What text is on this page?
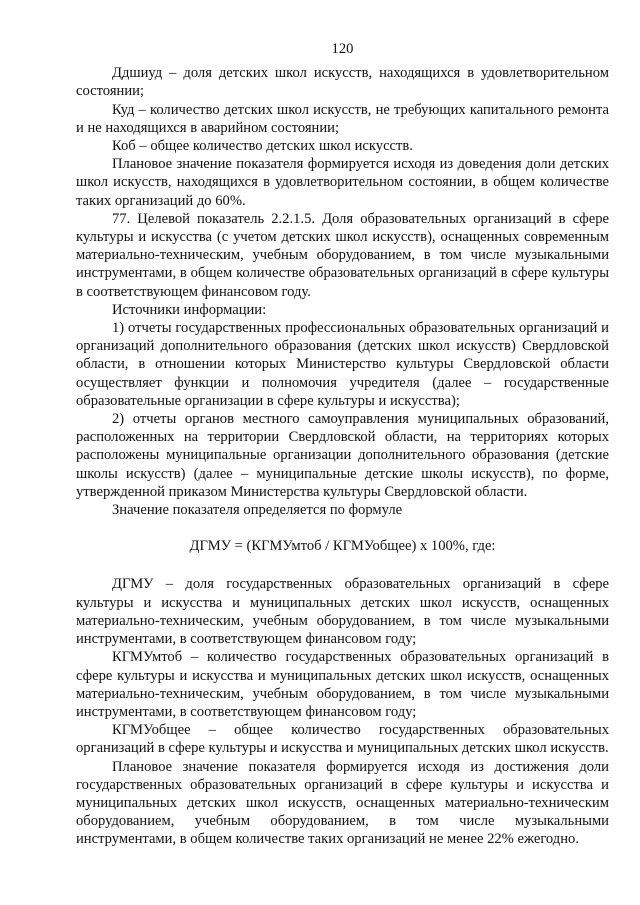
120

Ддшиуд – доля детских школ искусств, находящихся в удовлетворительном состоянии;

Куд – количество детских школ искусств, не требующих капитального ремонта и не находящихся в аварийном состоянии;

Коб – общее количество детских школ искусств.

Плановое значение показателя формируется исходя из доведения доли детских школ искусств, находящихся в удовлетворительном состоянии, в общем количестве таких организаций до 60%.

77. Целевой показатель 2.2.1.5. Доля образовательных организаций в сфере культуры и искусства (с учетом детских школ искусств), оснащенных современным материально-техническим, учебным оборудованием, в том числе музыкальными инструментами, в общем количестве образовательных организаций в сфере культуры в соответствующем финансовом году.

Источники информации:

1) отчеты государственных профессиональных образовательных организаций и организаций дополнительного образования (детских школ искусств) Свердловской области, в отношении которых Министерство культуры Свердловской области осуществляет функции и полномочия учредителя (далее – государственные образовательные организации в сфере культуры и искусства);

2) отчеты органов местного самоуправления муниципальных образований, расположенных на территории Свердловской области, на территориях которых расположены муниципальные организации дополнительного образования (детские школы искусств) (далее – муниципальные детские школы искусств), по форме, утвержденной приказом Министерства культуры Свердловской области.

Значение показателя определяется по формуле

ДГМУ = (КГМУмтоб / КГМУобщее) х 100%, где:

ДГМУ – доля государственных образовательных организаций в сфере культуры и искусства и муниципальных детских школ искусств, оснащенных материально-техническим, учебным оборудованием, в том числе музыкальными инструментами, в соответствующем финансовом году;

КГМУмтоб – количество государственных образовательных организаций в сфере культуры и искусства и муниципальных детских школ искусств, оснащенных материально-техническим, учебным оборудованием, в том числе музыкальными инструментами, в соответствующем финансовом году;

КГМУобщее – общее количество государственных образовательных организаций в сфере культуры и искусства и муниципальных детских школ искусств.

Плановое значение показателя формируется исходя из достижения доли государственных образовательных организаций в сфере культуры и искусства и муниципальных детских школ искусств, оснащенных материально-техническим оборудованием, учебным оборудованием, в том числе музыкальными инструментами, в общем количестве таких организаций не менее 22% ежегодно.
